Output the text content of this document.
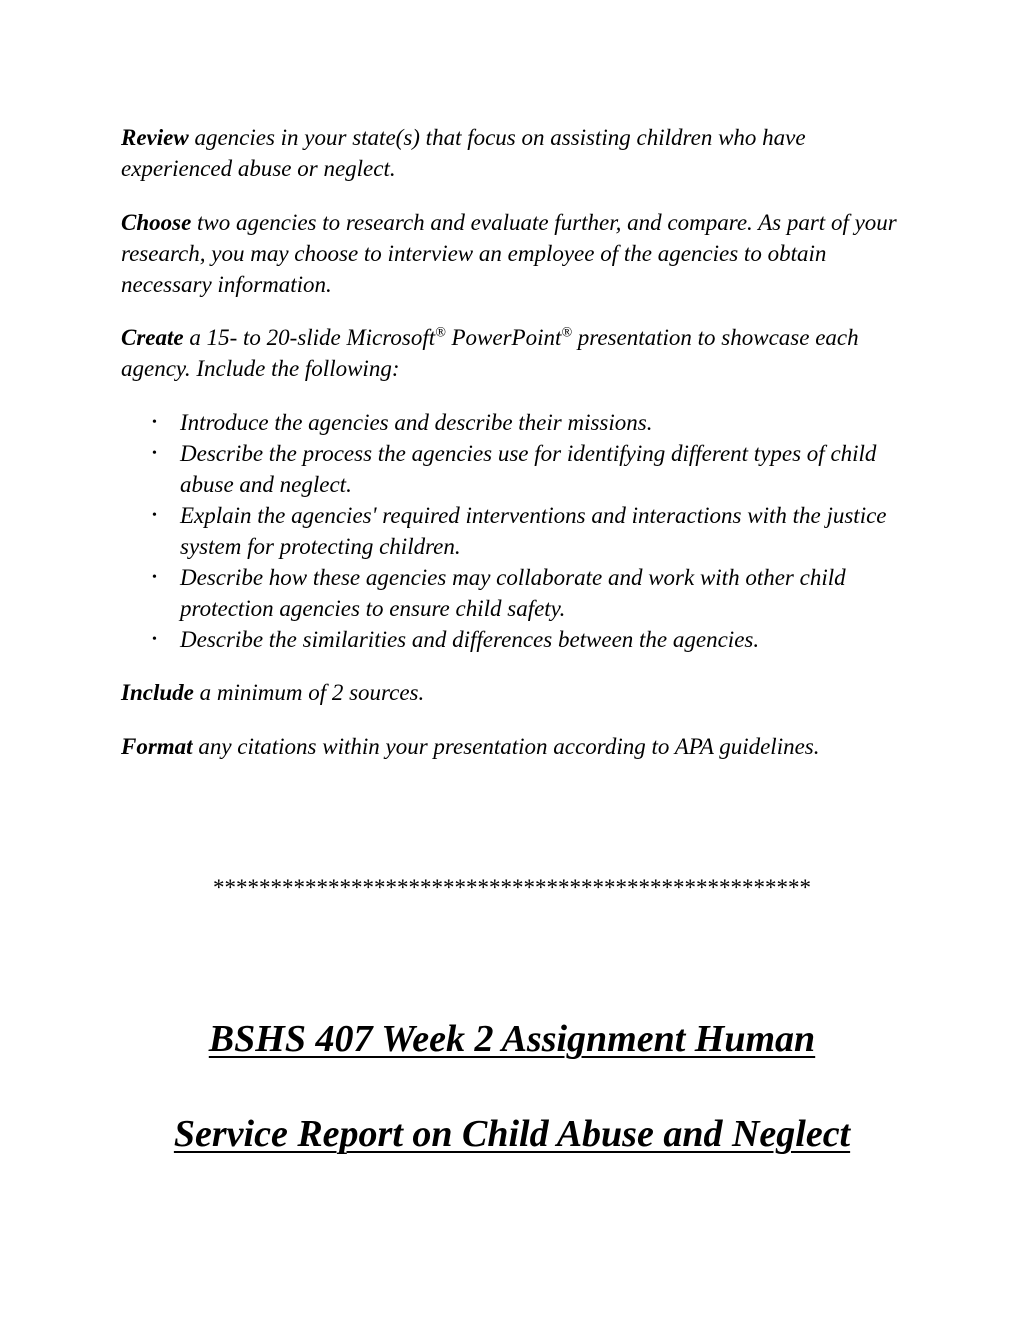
Review agencies in your state(s) that focus on assisting children who have experienced abuse or neglect.

Choose two agencies to research and evaluate further, and compare. As part of your research, you may choose to interview an employee of the agencies to obtain necessary information.

Create a 15- to 20-slide Microsoft® PowerPoint® presentation to showcase each agency. Include the following:

• Introduce the agencies and describe their missions.
• Describe the process the agencies use for identifying different types of child abuse and neglect.
• Explain the agencies' required interventions and interactions with the justice system for protecting children.
• Describe how these agencies may collaborate and work with other child protection agencies to ensure child safety.
• Describe the similarities and differences between the agencies.

Include a minimum of 2 sources.

Format any citations within your presentation according to APA guidelines.

****************************************************
BSHS 407 Week 2 Assignment Human
Service Report on Child Abuse and Neglect
